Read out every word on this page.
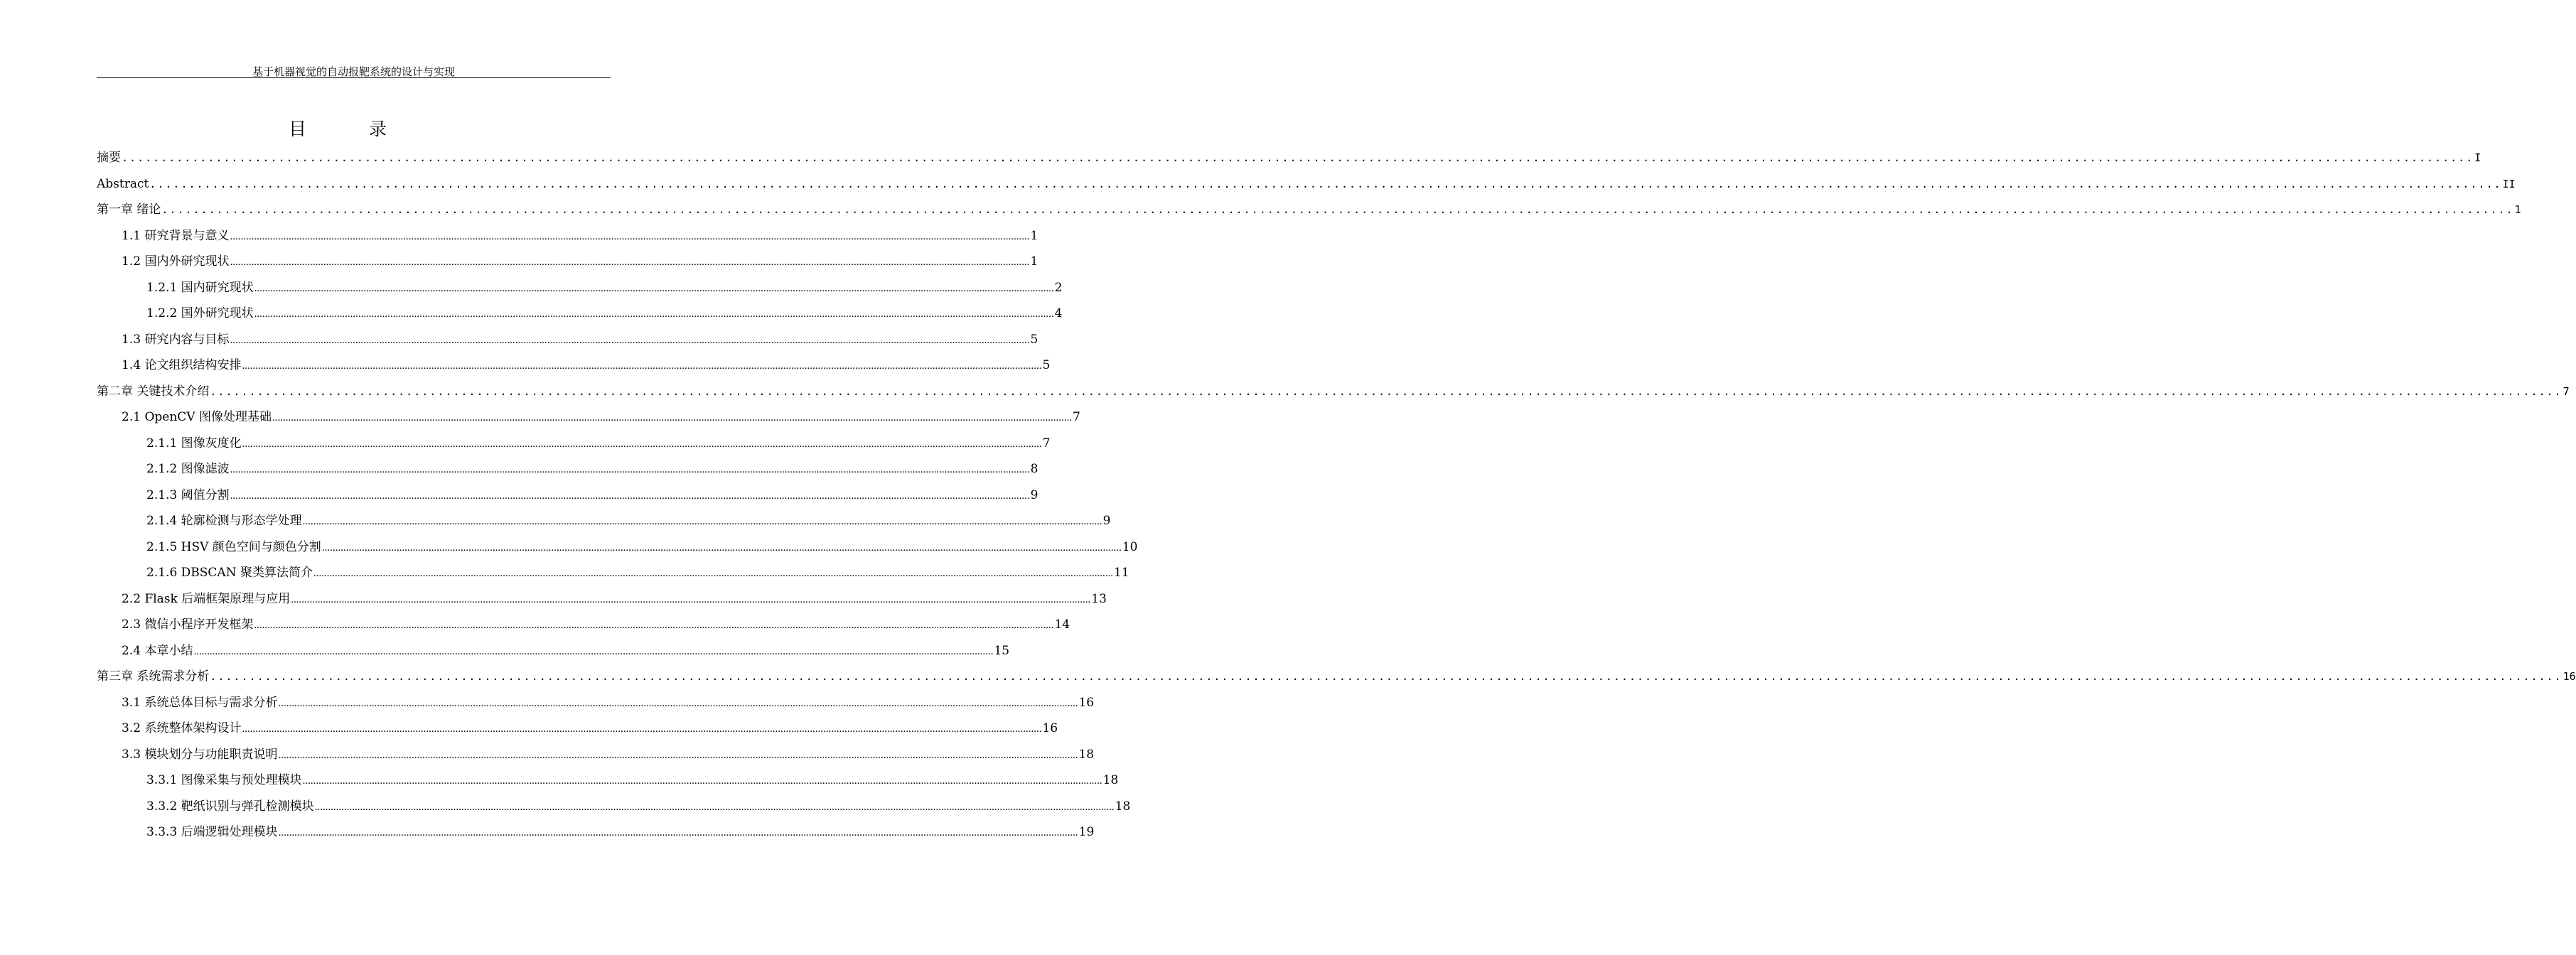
基于机器视觉的自动报靶系统的设计与实现
目 录
摘要 ............................................................................................................................................................................................................................................................................................................ I
Abstract ............................................................................................................................................................................................................................................................................................................ II
第一章 绪论 ............................................................................................................................................................................................................................................................................................................ 1
1.1 研究背景与意义 ............................................................................................................................................................................................................................................................................................................ 1
1.2 国内外研究现状 ............................................................................................................................................................................................................................................................................................................ 1
1.2.1 国内研究现状 ............................................................................................................................................................................................................................................................................................................ 2
1.2.2 国外研究现状 ............................................................................................................................................................................................................................................................................................................ 4
1.3 研究内容与目标 ............................................................................................................................................................................................................................................................................................................ 5
1.4 论文组织结构安排 ............................................................................................................................................................................................................................................................................................................ 5
第二章 关键技术介绍 ............................................................................................................................................................................................................................................................................................................ 7
2.1 OpenCV 图像处理基础 ............................................................................................................................................................................................................................................................................................................ 7
2.1.1 图像灰度化 ............................................................................................................................................................................................................................................................................................................ 7
2.1.2 图像滤波 ............................................................................................................................................................................................................................................................................................................ 8
2.1.3 阈值分割 ............................................................................................................................................................................................................................................................................................................ 9
2.1.4 轮廓检测与形态学处理 ............................................................................................................................................................................................................................................................................................................ 9
2.1.5 HSV 颜色空间与颜色分割 ............................................................................................................................................................................................................................................................................................................ 10
2.1.6 DBSCAN 聚类算法简介 ............................................................................................................................................................................................................................................................................................................ 11
2.2 Flask 后端框架原理与应用 ............................................................................................................................................................................................................................................................................................................ 13
2.3 微信小程序开发框架 ............................................................................................................................................................................................................................................................................................................ 14
2.4 本章小结 ............................................................................................................................................................................................................................................................................................................ 15
第三章 系统需求分析 ............................................................................................................................................................................................................................................................................................................ 16
3.1 系统总体目标与需求分析 ............................................................................................................................................................................................................................................................................................................ 16
3.2 系统整体架构设计 ............................................................................................................................................................................................................................................................................................................ 16
3.3 模块划分与功能职责说明 ............................................................................................................................................................................................................................................................................................................ 18
3.3.1 图像采集与预处理模块 ............................................................................................................................................................................................................................................................................................................ 18
3.3.2 靶纸识别与弹孔检测模块 ............................................................................................................................................................................................................................................................................................................ 18
3.3.3 后端逻辑处理模块 ............................................................................................................................................................................................................................................................................................................ 19
